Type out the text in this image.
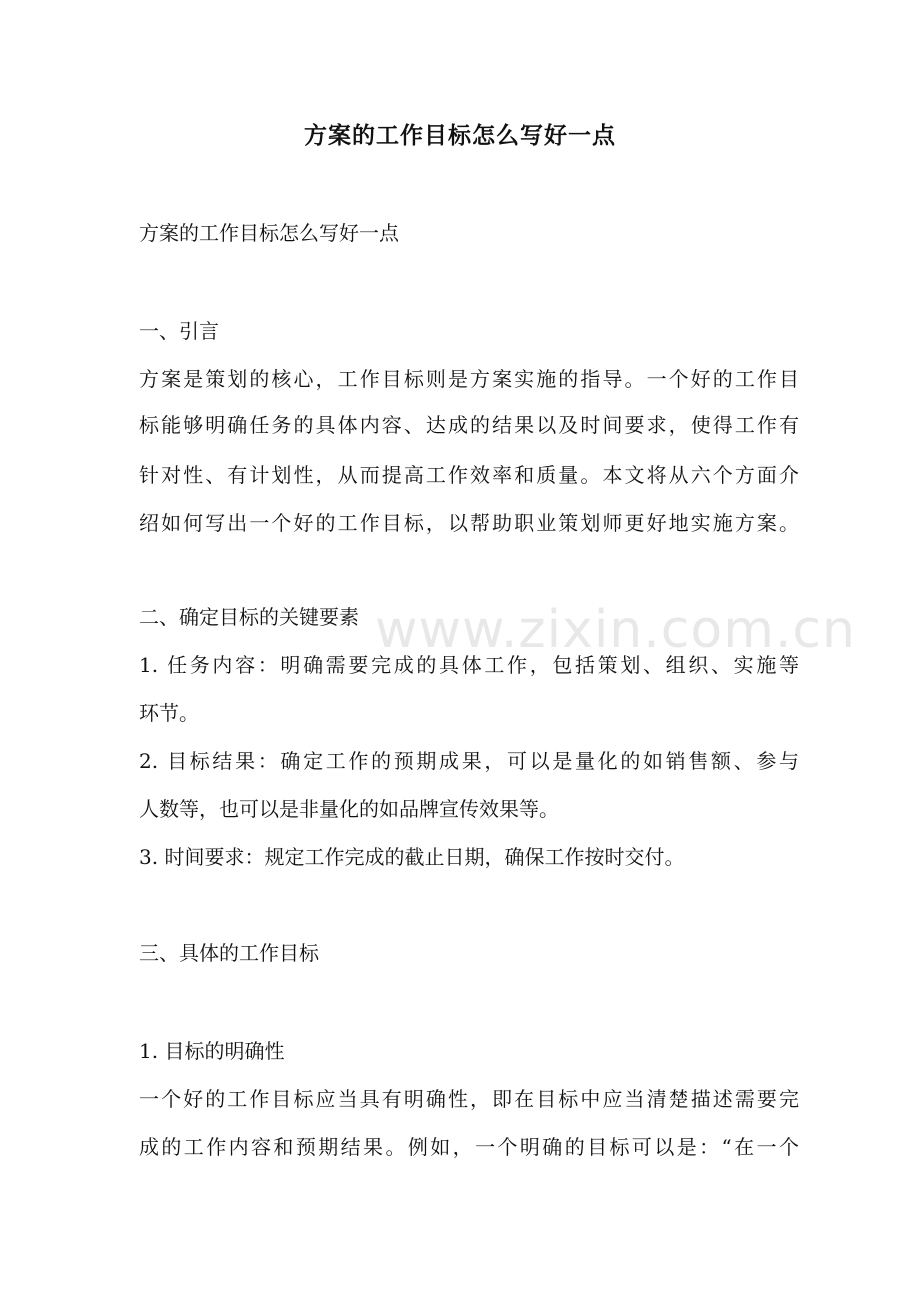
方案的工作目标怎么写好一点
方案的工作目标怎么写好一点
一、引言
方案是策划的核心，工作目标则是方案实施的指导。一个好的工作目
标能够明确任务的具体内容、达成的结果以及时间要求，使得工作有
针对性、有计划性，从而提高工作效率和质量。本文将从六个方面介
绍如何写出一个好的工作目标，以帮助职业策划师更好地实施方案。
二、确定目标的关键要素
1. 任务内容：明确需要完成的具体工作，包括策划、组织、实施等
环节。
2. 目标结果：确定工作的预期成果，可以是量化的如销售额、参与
人数等，也可以是非量化的如品牌宣传效果等。
3. 时间要求：规定工作完成的截止日期，确保工作按时交付。
三、具体的工作目标
1. 目标的明确性
一个好的工作目标应当具有明确性，即在目标中应当清楚描述需要完
成的工作内容和预期结果。例如，一个明确的目标可以是：“在一个
www.zixin.com.cn
